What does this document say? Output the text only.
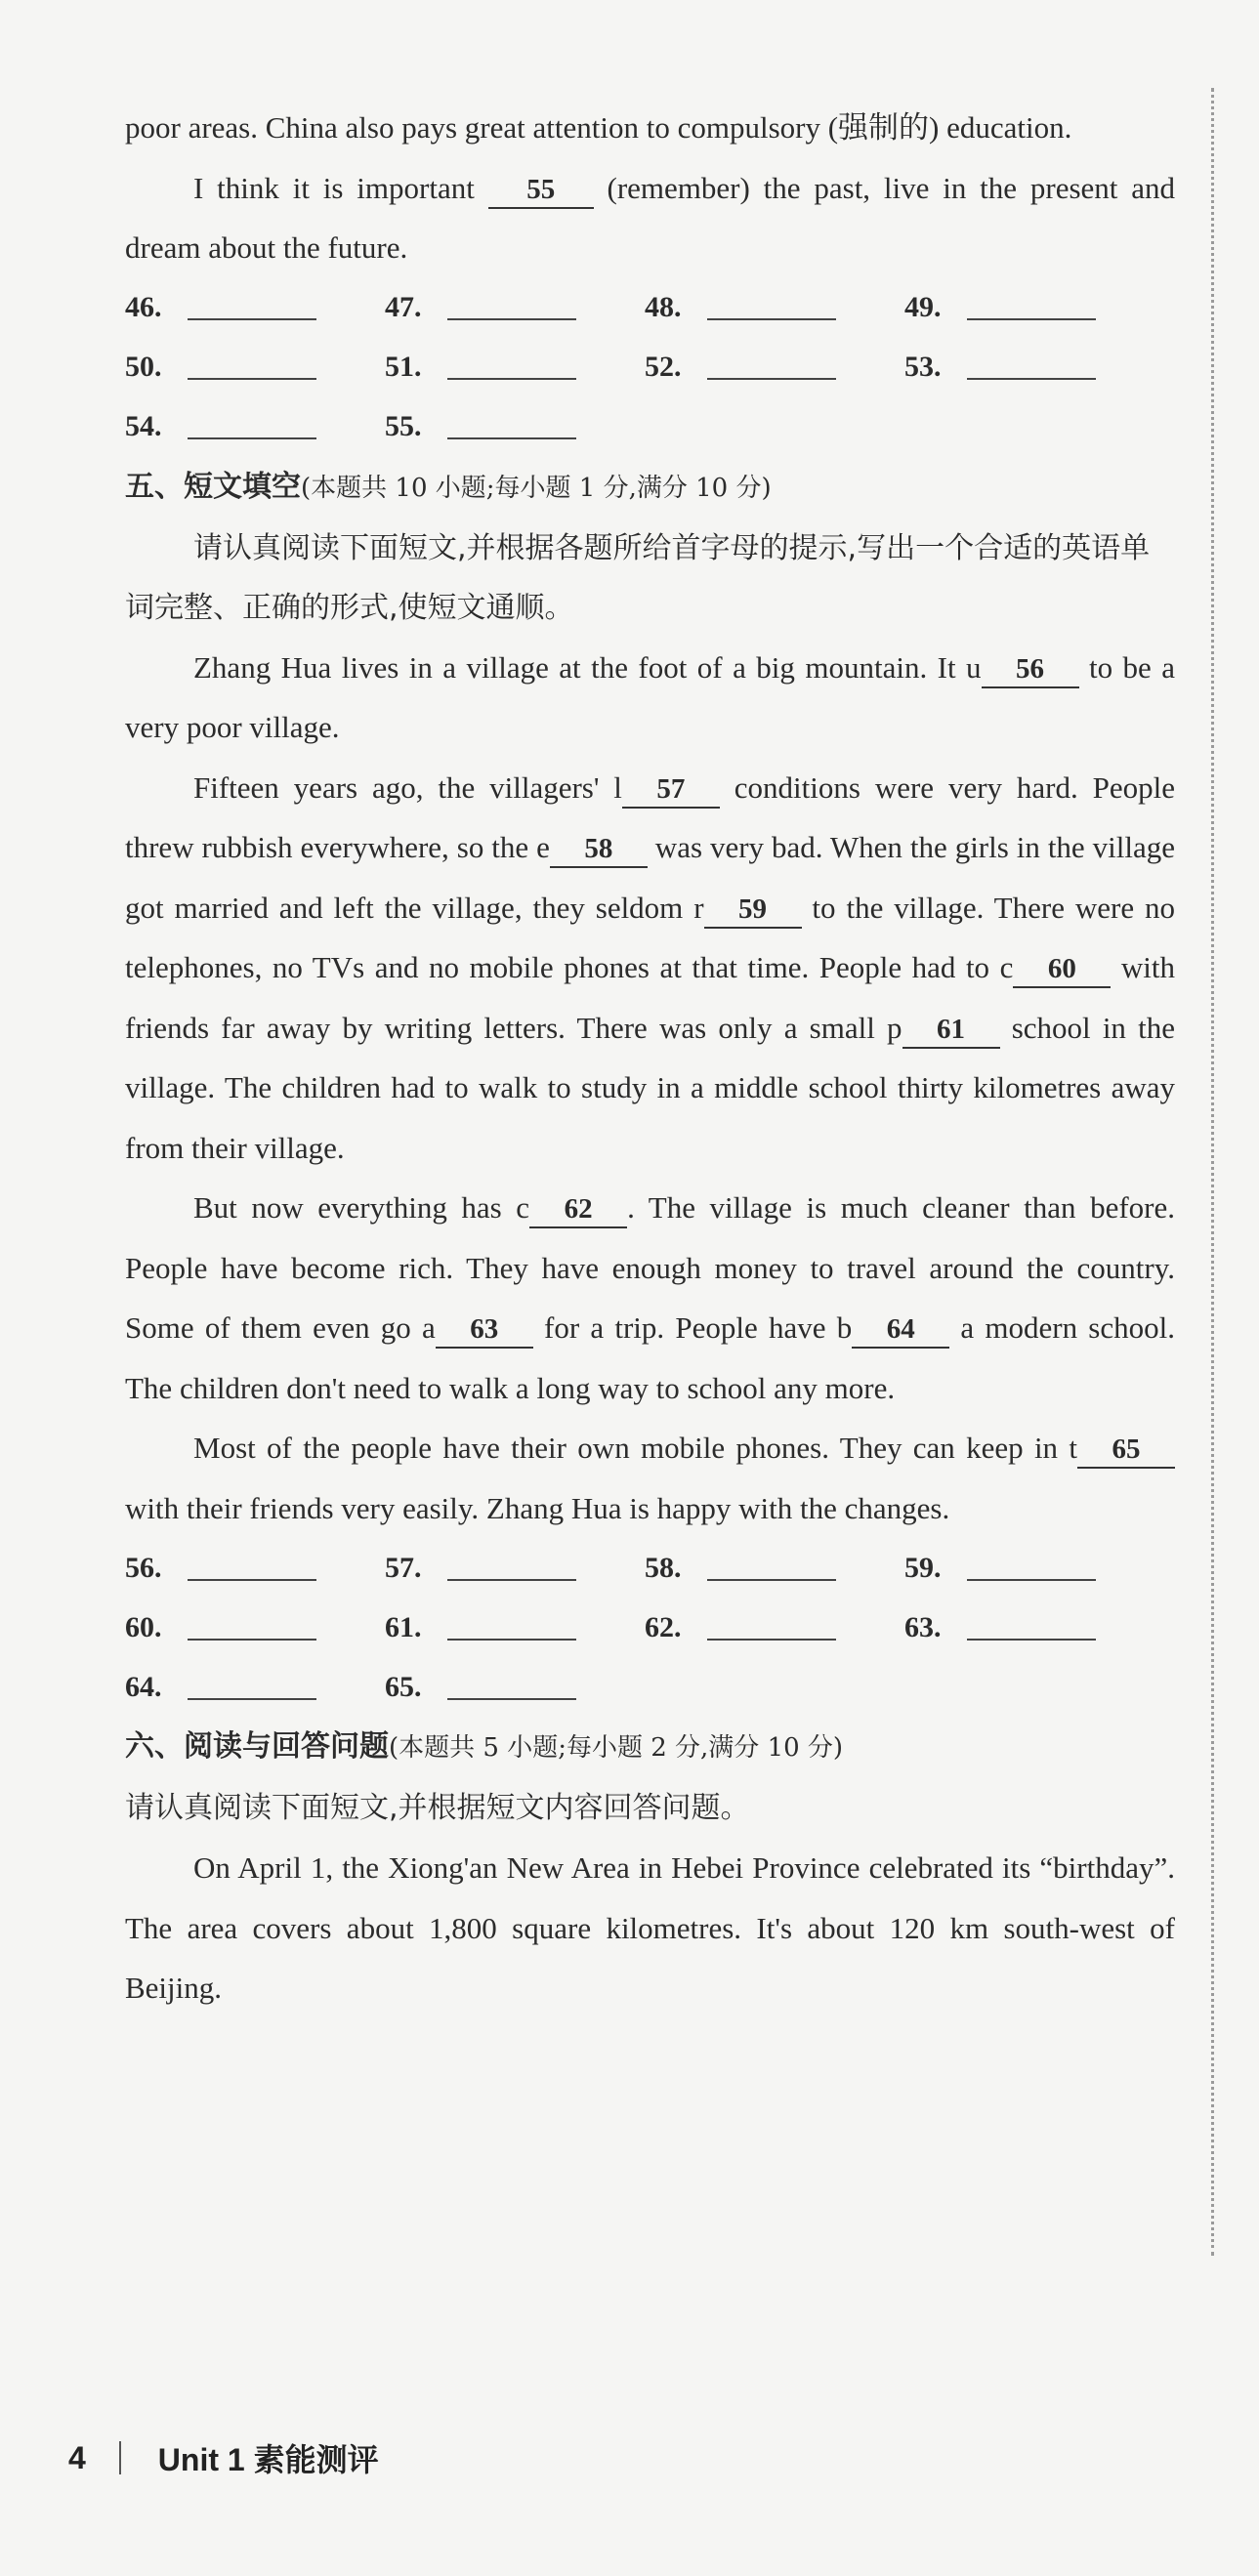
poor areas. China also pays great attention to compulsory (强制的) education.

I think it is important 55 (remember) the past, live in the present and dream about the future.

46.	47.	48.	49.
50.	51.	52.	53.
54.	55.

五、短文填空(本题共 10 小题;每小题 1 分,满分 10 分)

请认真阅读下面短文,并根据各题所给首字母的提示,写出一个合适的英语单词完整、正确的形式,使短文通顺。

Zhang Hua lives in a village at the foot of a big mountain. It u 56 to be a very poor village.

Fifteen years ago, the villagers' l 57 conditions were very hard. People threw rubbish everywhere, so the e 58 was very bad. When the girls in the village got married and left the village, they seldom r 59 to the village. There were no telephones, no TVs and no mobile phones at that time. People had to c 60 with friends far away by writing letters. There was only a small p 61 school in the village. The children had to walk to study in a middle school thirty kilometres away from their village.

But now everything has c 62 . The village is much cleaner than before. People have become rich. They have enough money to travel around the country. Some of them even go a 63 for a trip. People have b 64 a modern school. The children don't need to walk a long way to school any more.

Most of the people have their own mobile phones. They can keep in t 65 with their friends very easily. Zhang Hua is happy with the changes.

56.	57.	58.	59.
60.	61.	62.	63.
64.	65.

六、阅读与回答问题(本题共 5 小题;每小题 2 分,满分 10 分)

请认真阅读下面短文,并根据短文内容回答问题。

On April 1, the Xiong'an New Area in Hebei Province celebrated its “birthday”. The area covers about 1,800 square kilometres. It's about 120 km south-west of Beijing.

4 Unit 1 素能测评
